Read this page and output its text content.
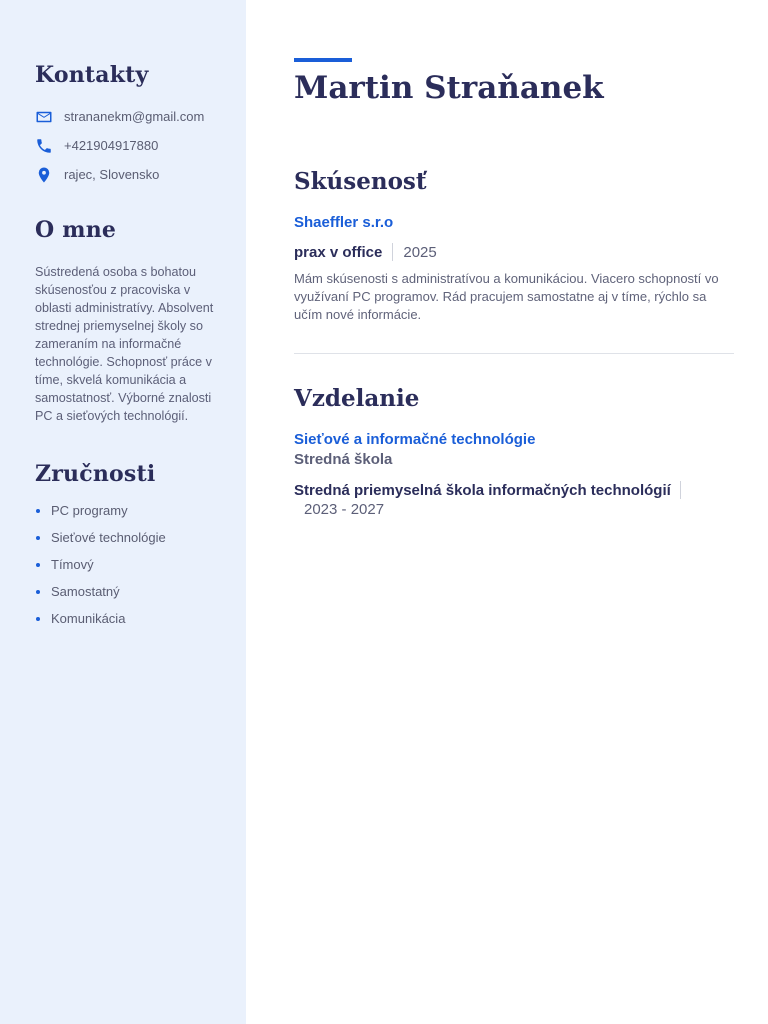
Kontakty
strananekm@gmail.com
+421904917880
rajec, Slovensko
O mne

Sústredená osoba s bohatou skúsenosťou z pracoviska v oblasti administratívy. Absolvent strednej priemyselnej školy so zameraním na informačné technológie. Schopnosť práce v tíme, skvelá komunikácia a samostatnosť. Výborné znalosti PC a sieťových technológií.

Zručnosti
PC programy
Sieťové technológie
Tímový
Samostatný
Komunikácia
Martin Straňanek
Skúsenosť
Shaeffler s.r.o
prax v office 2025

Mám skúsenosti s administratívou a komunikáciou. Viacero schopností vo využívaní PC programov. Rád pracujem samostatne aj v tíme, rýchlo sa učím nové informácie.

Vzdelanie
Sieťové a informačné technológie
Stredná škola
Stredná priemyselná škola informačných technológií
2023 - 2027
